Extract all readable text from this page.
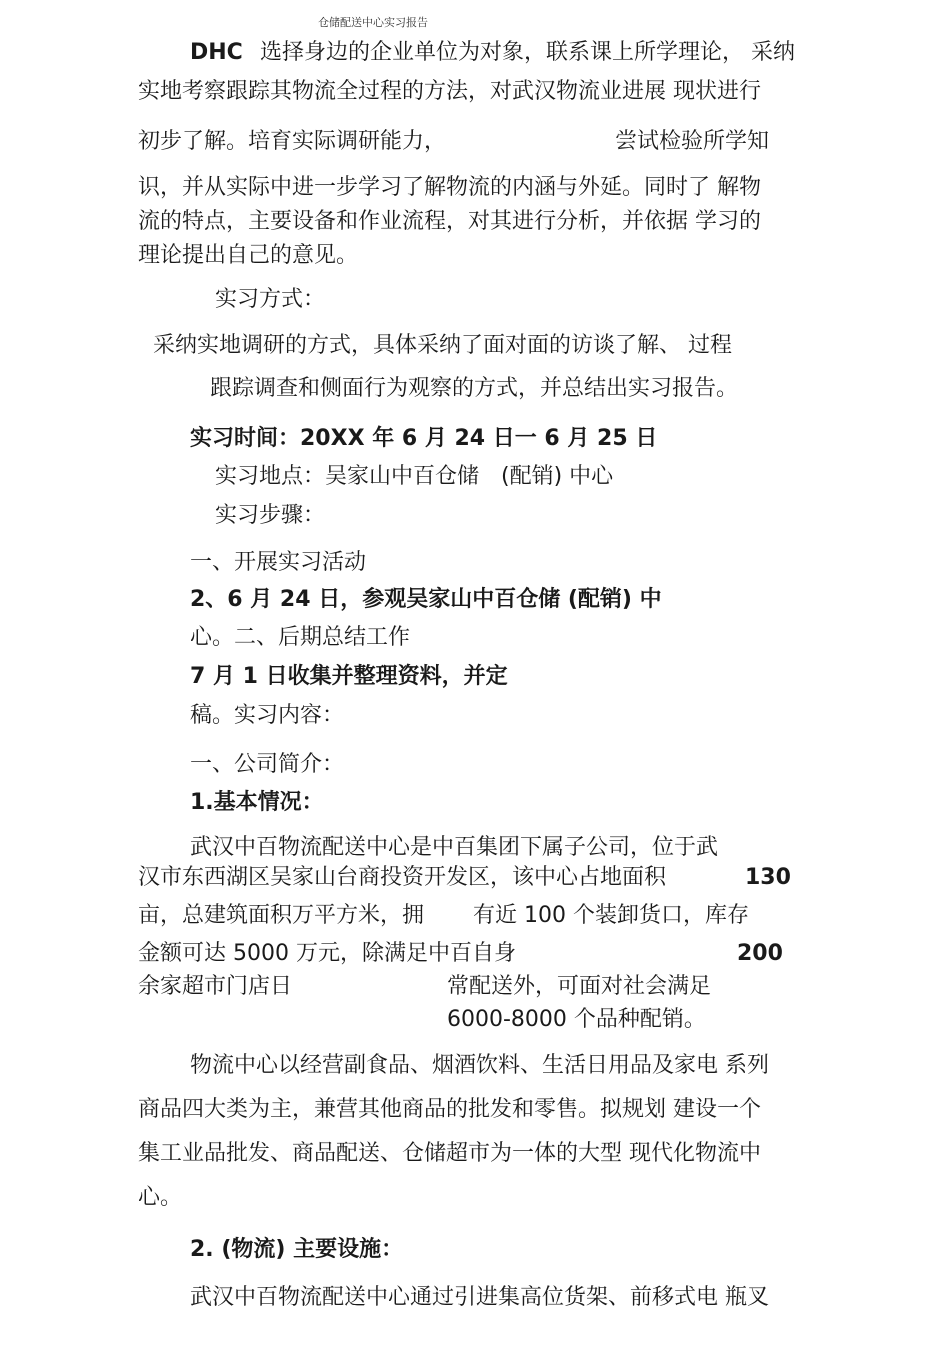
仓储配送中心实习报告
DHC 选择身边的企业单位为对象，联系课上所学理论， 采纳
实地考察跟踪其物流全过程的方法，对武汉物流业进展 现状进行
初步了解。培育实际调研能力，	尝试检验所学知
识，并从实际中进一步学习了解物流的内涵与外延。同时了 解物
流的特点，主要设备和作业流程，对其进行分析，并依据 学习的
理论提出自己的意见。
实习方式：
采纳实地调研的方式，具体采纳了面对面的访谈了解、 过程
跟踪调查和侧面行为观察的方式，并总结出实习报告。
实习时间：20XX 年 6 月 24 日一 6 月 25 日
实习地点：吴家山中百仓储　(配销) 中心
实习步骤：
一、开展实习活动
2、6 月 24 日，参观吴家山中百仓储 (配销) 中
心。二、后期总结工作
7 月 1 日收集并整理资料，并定
稿。实习内容：
一、公司简介：
1.基本情况：
武汉中百物流配送中心是中百集团下属子公司，位于武
汉市东西湖区吴家山台商投资开发区，该中心占地面积	130
亩，总建筑面积万平方米，拥 有近 100 个装卸货口，库存
金额可达 5000 万元，除满足中百自身	200
余家超市门店日	常配送外，可面对社会满足
6000-8000 个品种配销。
物流中心以经营副食品、烟酒饮料、生活日用品及家电 系列
商品四大类为主，兼营其他商品的批发和零售。拟规划 建设一个
集工业品批发、商品配送、仓储超市为一体的大型 现代化物流中
心。
2. (物流) 主要设施：
武汉中百物流配送中心通过引进集高位货架、前移式电 瓶叉
